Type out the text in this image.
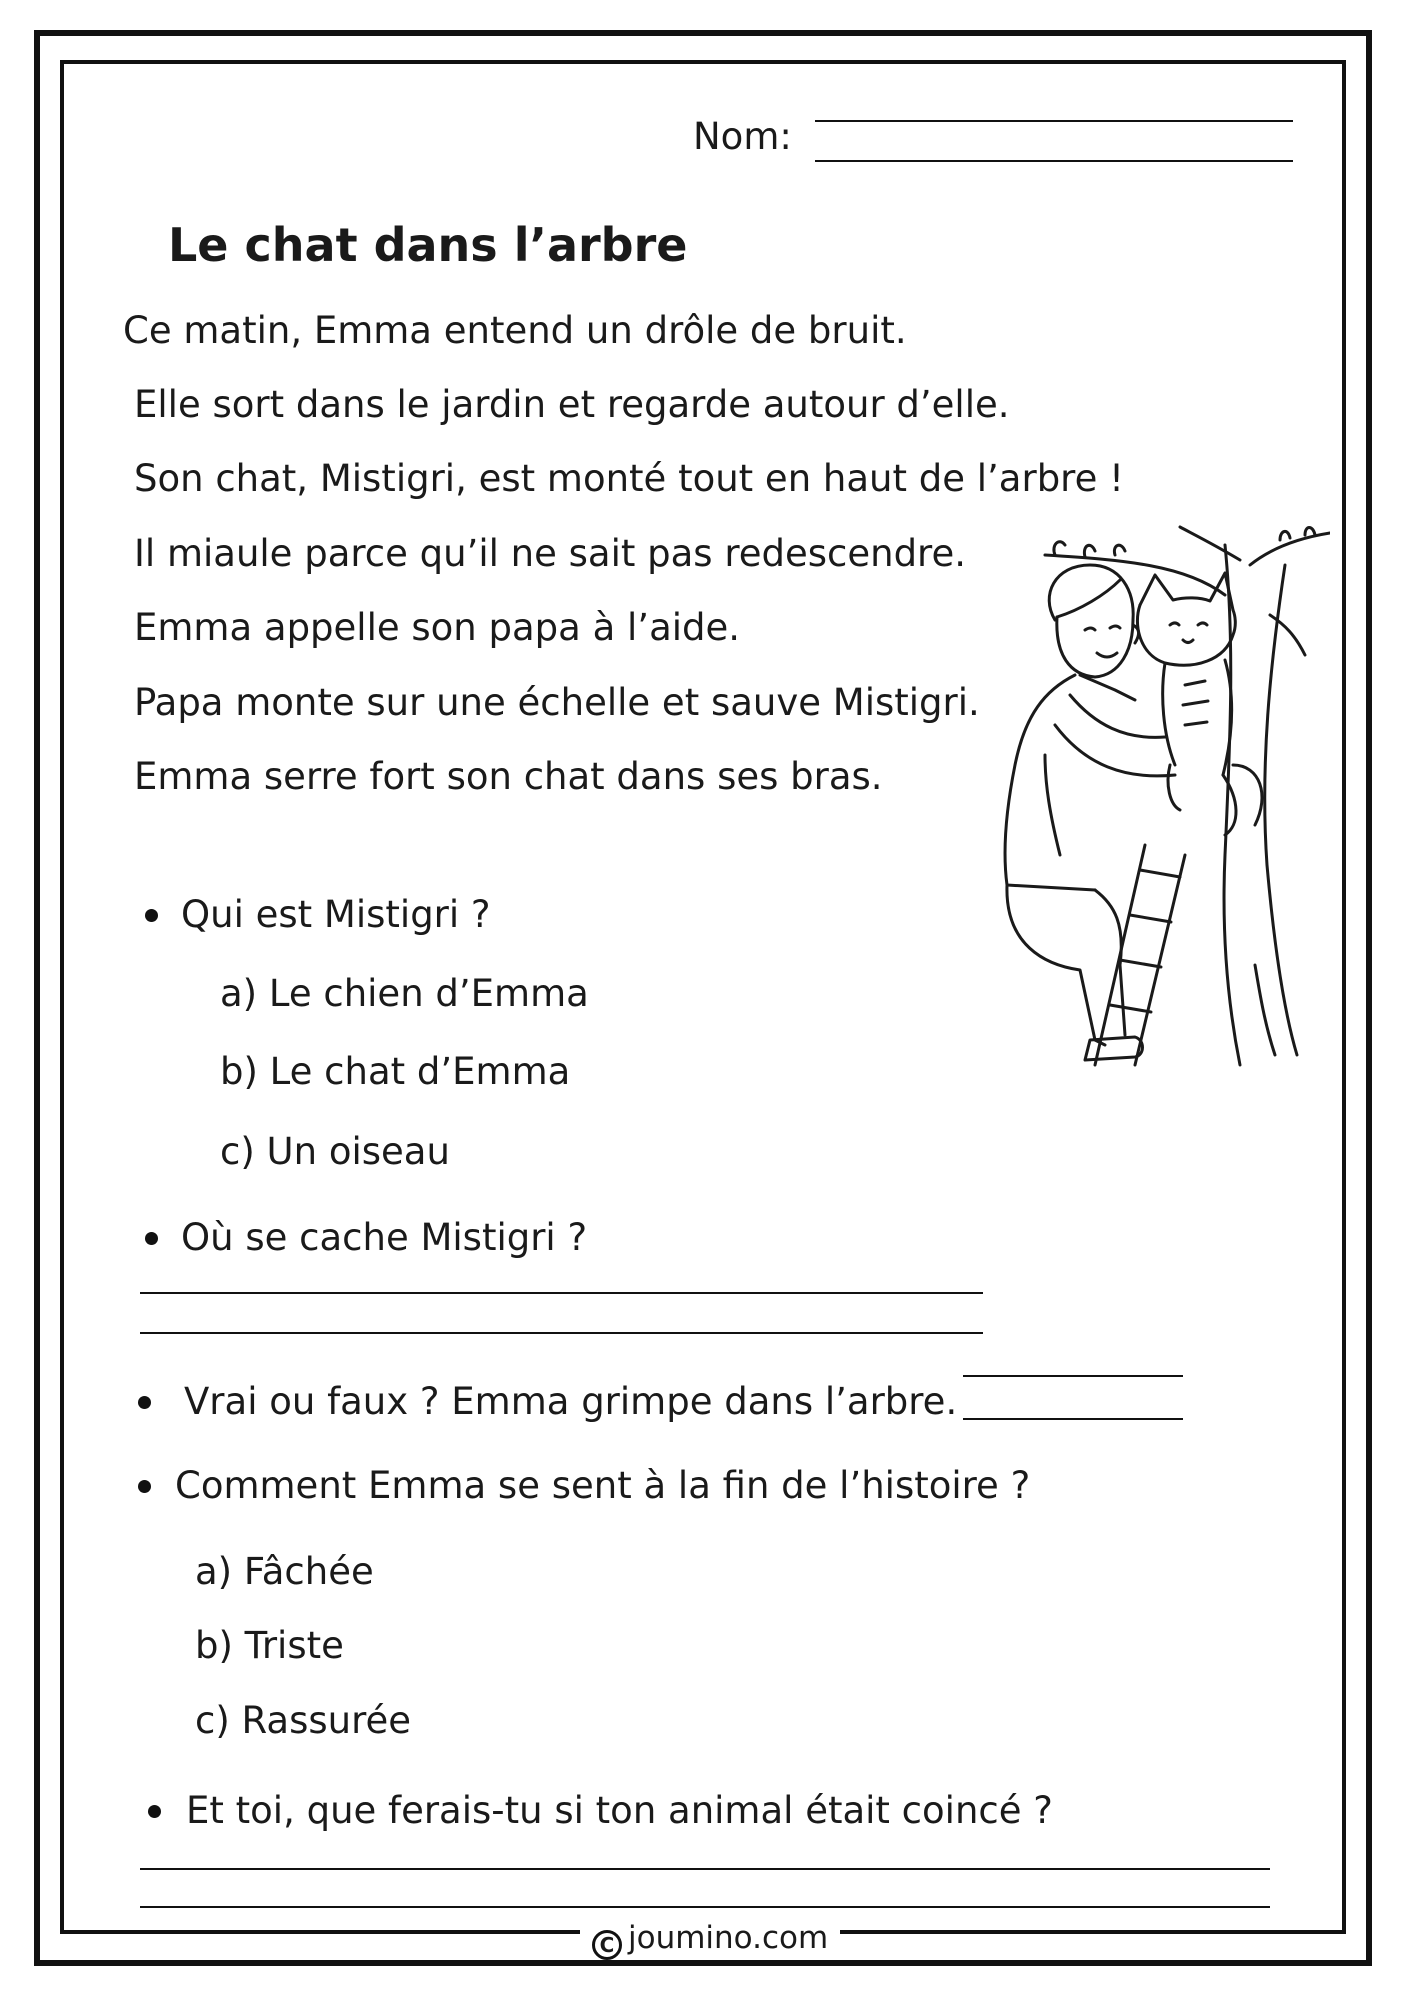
Nom:
Le chat dans l’arbre
Ce matin, Emma entend un drôle de bruit.
Elle sort dans le jardin et regarde autour d’elle.
Son chat, Mistigri, est monté tout en haut de l’arbre !
Il miaule parce qu’il ne sait pas redescendre.
Emma appelle son papa à l’aide.
Papa monte sur une échelle et sauve Mistigri.
Emma serre fort son chat dans ses bras.
Qui est Mistigri ?
a) Le chien d’Emma
b) Le chat d’Emma
c) Un oiseau
Où se cache Mistigri ?
Vrai ou faux ? Emma grimpe dans l’arbre.
Comment Emma se sent à la fin de l’histoire ?
a) Fâchée
b) Triste
c) Rassurée
Et toi, que ferais-tu si ton animal était coincé ?
C joumino.com
